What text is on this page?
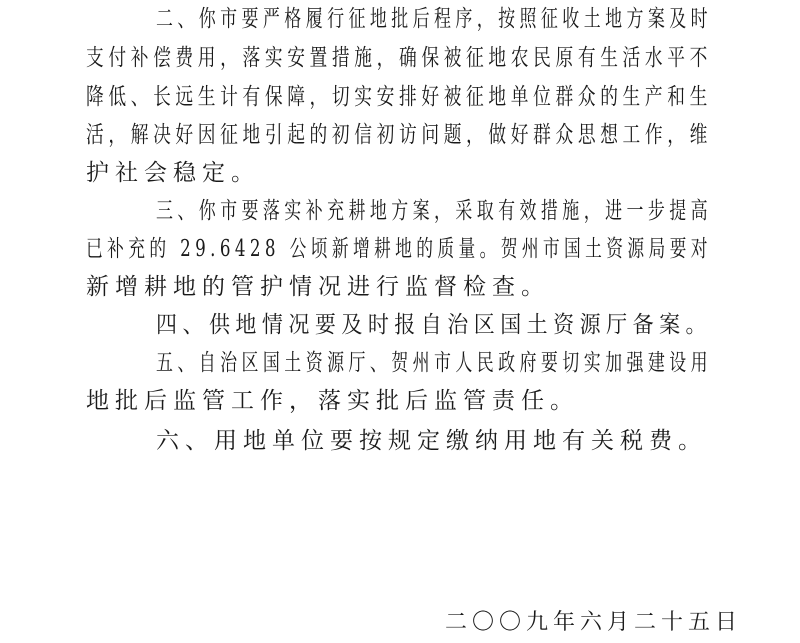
二、你市要严格履行征地批后程序，按照征收土地方案及时
支付补偿费用，落实安置措施，确保被征地农民原有生活水平不
降低、长远生计有保障，切实安排好被征地单位群众的生产和生
活，解决好因征地引起的初信初访问题，做好群众思想工作，维
护社会稳定。
三、你市要落实补充耕地方案，采取有效措施，进一步提高
已补充的 29.6428 公顷新增耕地的质量。贺州市国土资源局要对
新增耕地的管护情况进行监督检查。
四、供地情况要及时报自治区国土资源厅备案。
五、自治区国土资源厅、贺州市人民政府要切实加强建设用
地批后监管工作，落实批后监管责任。
六、用地单位要按规定缴纳用地有关税费。
二〇〇九年六月二十五日
